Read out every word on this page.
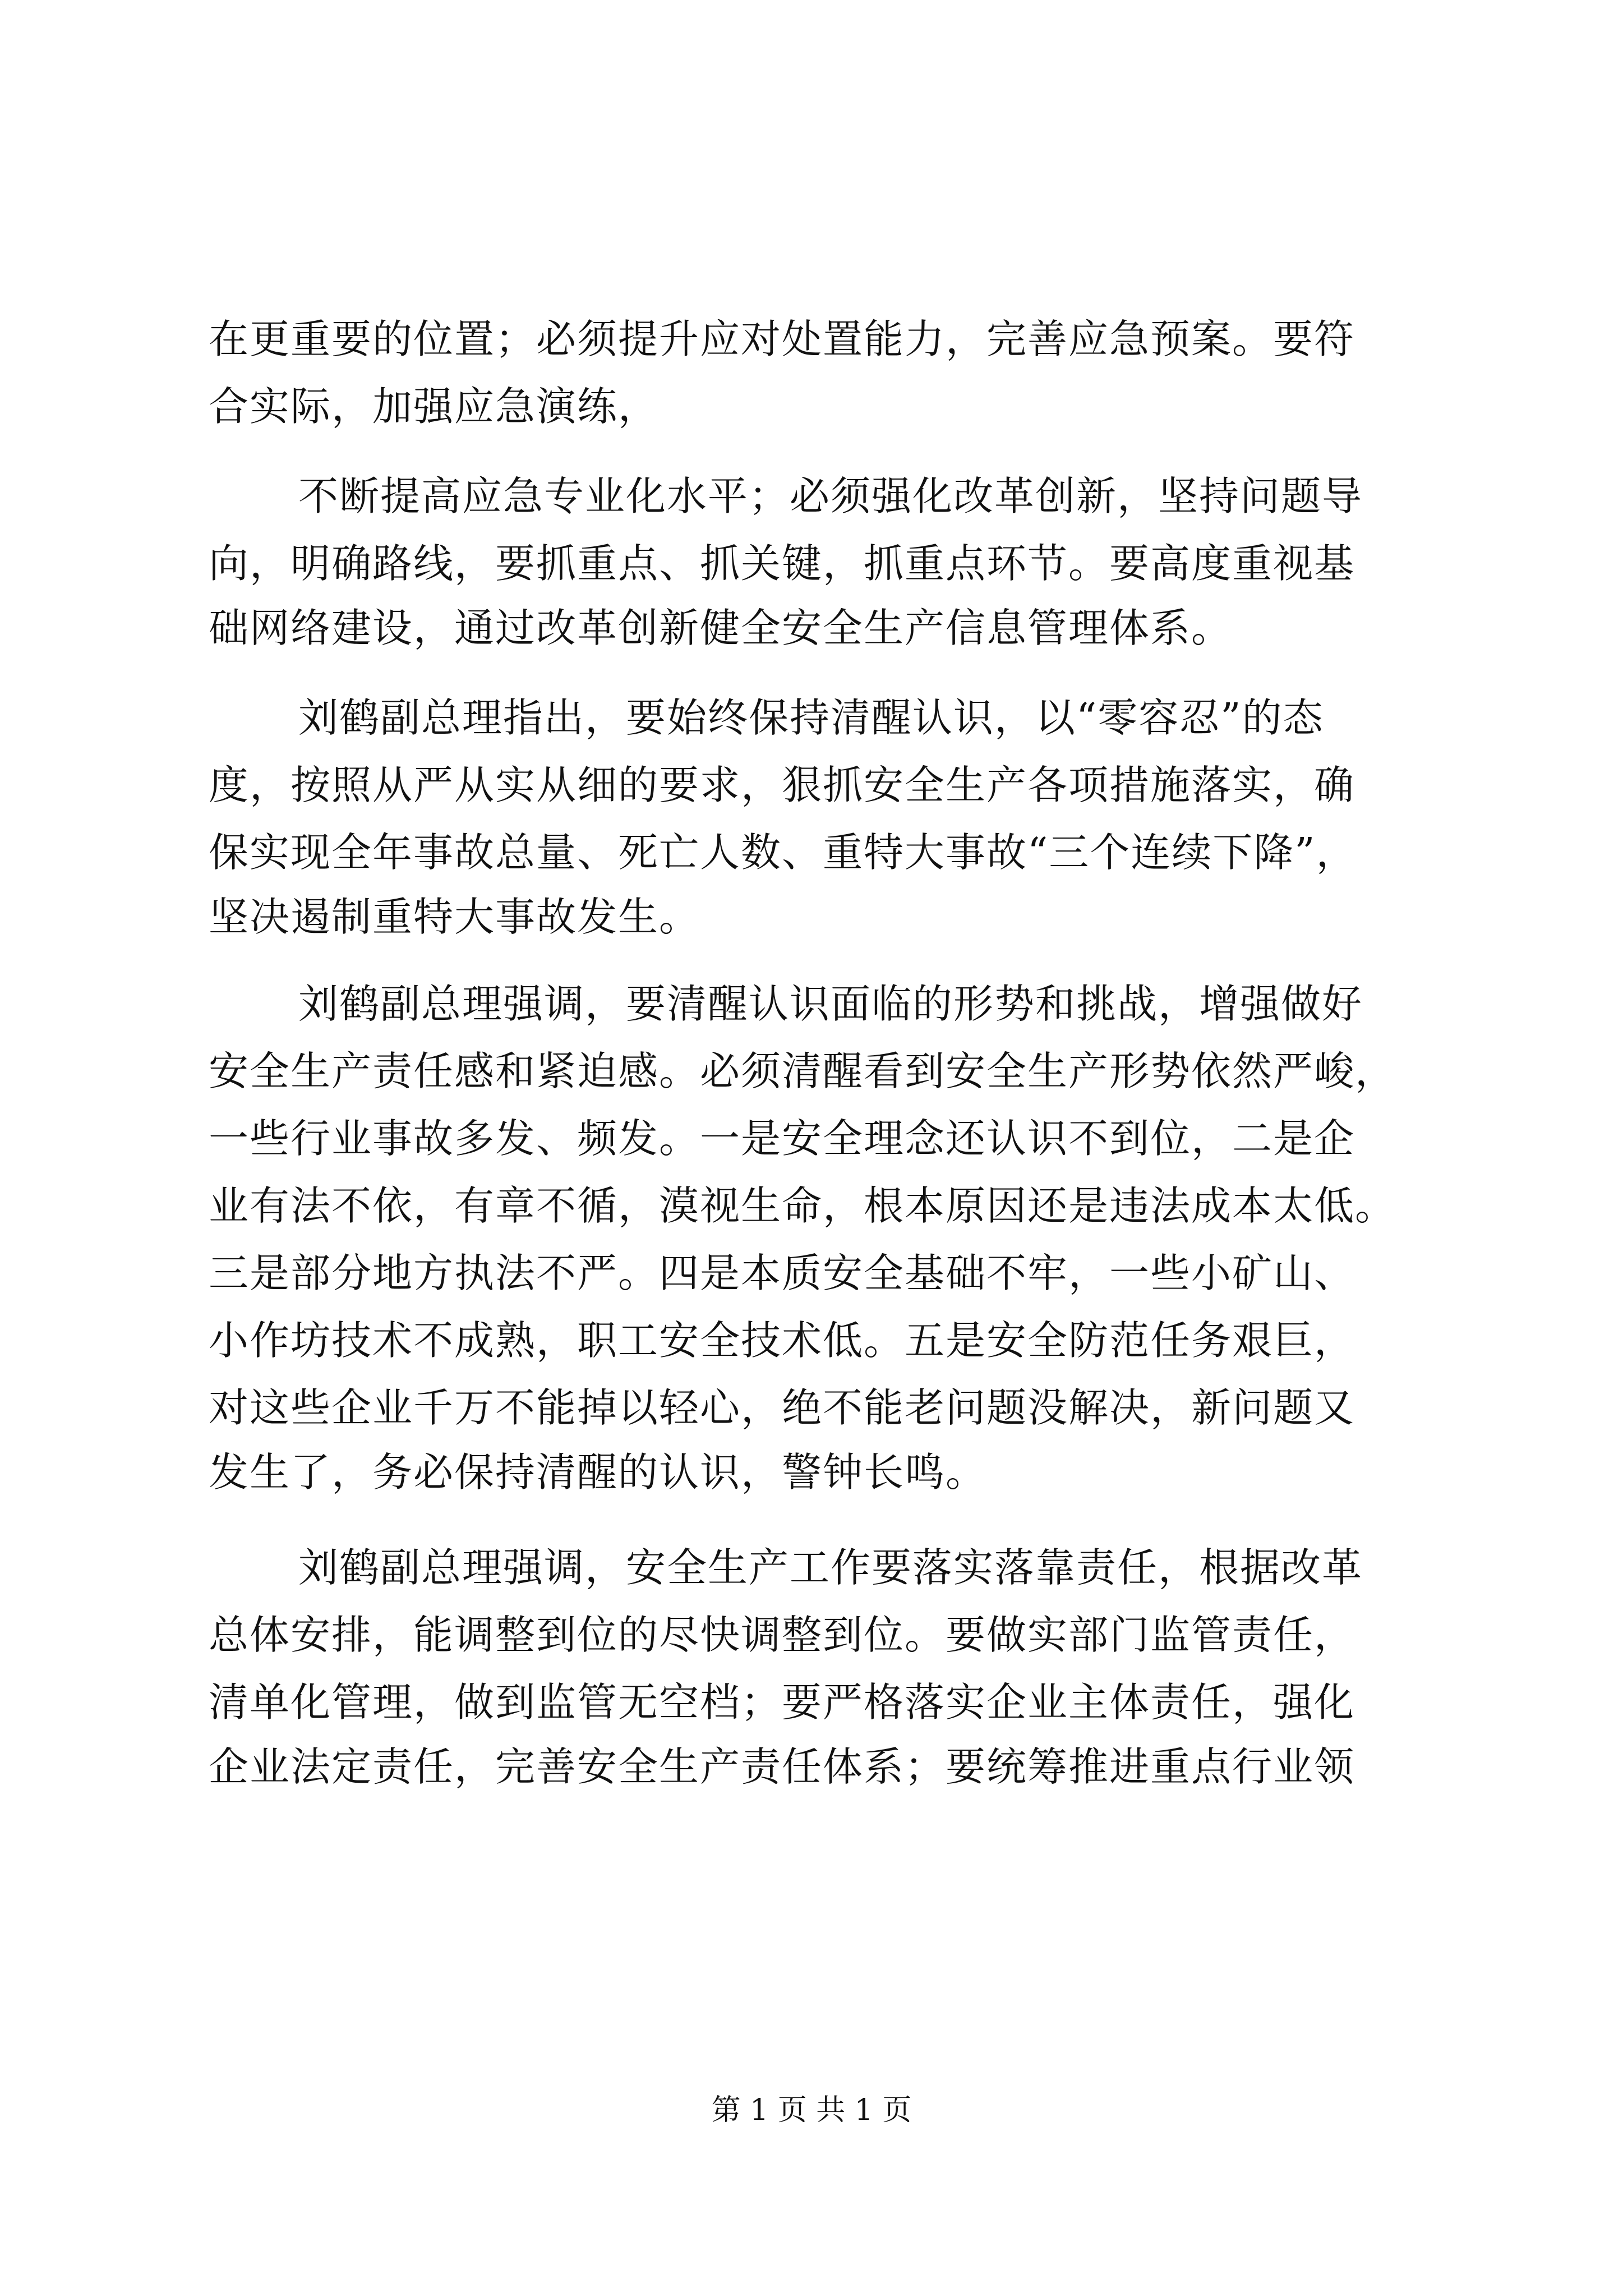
在更重要的位置；必须提升应对处置能力，完善应急预案。要符
合实际，加强应急演练，
不断提高应急专业化水平；必须强化改革创新，坚持问题导
向，明确路线，要抓重点、抓关键，抓重点环节。要高度重视基
础网络建设，通过改革创新健全安全生产信息管理体系。
刘鹤副总理指出，要始终保持清醒认识，以“零容忍”的态
度，按照从严从实从细的要求，狠抓安全生产各项措施落实，确
保实现全年事故总量、死亡人数、重特大事故“三个连续下降”，
坚决遏制重特大事故发生。
刘鹤副总理强调，要清醒认识面临的形势和挑战，增强做好
安全生产责任感和紧迫感。必须清醒看到安全生产形势依然严峻，
一些行业事故多发、频发。一是安全理念还认识不到位，二是企
业有法不依，有章不循，漠视生命，根本原因还是违法成本太低。
三是部分地方执法不严。四是本质安全基础不牢，一些小矿山、
小作坊技术不成熟，职工安全技术低。五是安全防范任务艰巨，
对这些企业千万不能掉以轻心，绝不能老问题没解决，新问题又
发生了，务必保持清醒的认识，警钟长鸣。
刘鹤副总理强调，安全生产工作要落实落靠责任，根据改革
总体安排，能调整到位的尽快调整到位。要做实部门监管责任，
清单化管理，做到监管无空档；要严格落实企业主体责任，强化
企业法定责任，完善安全生产责任体系；要统筹推进重点行业领
第 1 页 共 1 页
